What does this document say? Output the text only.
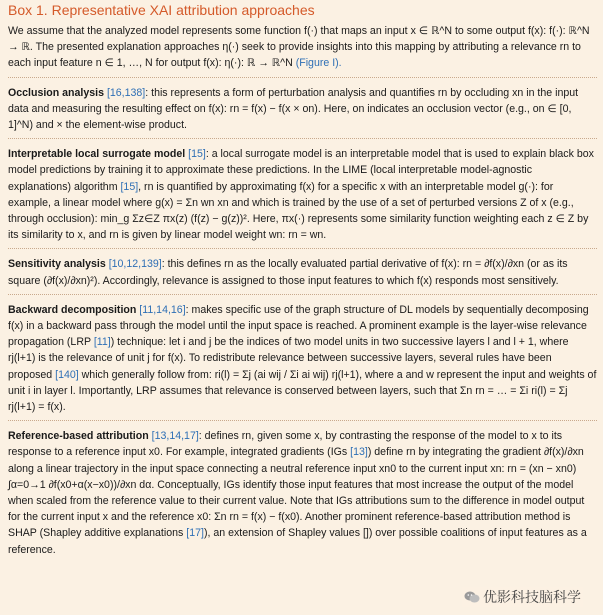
Box 1. Representative XAI attribution approaches

We assume that the analyzed model represents some function f(·) that maps an input x ∈ ℝ^N to some output f(x): f(·): ℝ^N → ℝ. The presented explanation approaches η(·) seek to provide insights into this mapping by attributing a relevance rn to each input feature n ∈ 1, …, N for output f(x): η(·): ℝ → ℝ^N (Figure I).

Occlusion analysis [16,138]: this represents a form of perturbation analysis and quantifies rn by occluding xn in the input data and measuring the resulting effect on f(x): rn = f(x) − f(x × on). Here, on indicates an occlusion vector (e.g., on ∈ [0, 1]^N) and × the element-wise product.

Interpretable local surrogate model [15]: a local surrogate model is an interpretable model that is used to explain black box model predictions by training it to approximate these predictions. In the LIME (local interpretable model-agnostic explanations) algorithm [15], rn is quantified by approximating f(x) for a specific x with an interpretable model g(·): for example, a linear model where g(x) = Σn wn xn and which is trained by the use of a set of perturbed versions Z of x (e.g., through occlusion): min_g Σz∈Z πx(z) (f(z) − g(z))². Here, πx(·) represents some similarity function weighting each z ∈ Z by its similarity to x, and rn is given by linear model weight wn: rn = wn.

Sensitivity analysis [10,12,139]: this defines rn as the locally evaluated partial derivative of f(x): rn = ∂f(x)/∂xn (or as its square (∂f(x)/∂xn)²). Accordingly, relevance is assigned to those input features to which f(x) responds most sensitively.

Backward decomposition [11,14,16]: makes specific use of the graph structure of DL models by sequentially decomposing f(x) in a backward pass through the model until the input space is reached. A prominent example is the layer-wise relevance propagation (LRP [11]) technique: let i and j be the indices of two model units in two successive layers l and l + 1, where rj(l+1) is the relevance of unit j for f(x). To redistribute relevance between successive layers, several rules have been proposed [140] which generally follow from: ri(l) = Σj (ai wij / Σi ai wij) rj(l+1), where a and w represent the input and weights of unit i in layer l. Importantly, LRP assumes that relevance is conserved between layers, such that Σn rn = … = Σi ri(l) = Σj rj(l+1) = f(x).

Reference-based attribution [13,14,17]: defines rn, given some x, by contrasting the response of the model to x to its response to a reference input x0. For example, integrated gradients (IGs [13]) define rn by integrating the gradient ∂f(x)/∂xn along a linear trajectory in the input space connecting a neutral reference input xn0 to the current input xn: rn = (xn − xn0) ∫α=0→1 ∂f(x0+α(x−x0))/∂xn dα. Conceptually, IGs identify those input features that most increase the output of the model when scaled from the reference value to their current value. Note that IGs attributions sum to the difference in model output for the current input x and the reference x0: Σn rn = f(x) − f(x0). Another prominent reference-based attribution method is SHAP (Shapley additive explanations [17]), an extension of Shapley values []) over possible coalitions of input features as a reference.

优影科技脑科学
